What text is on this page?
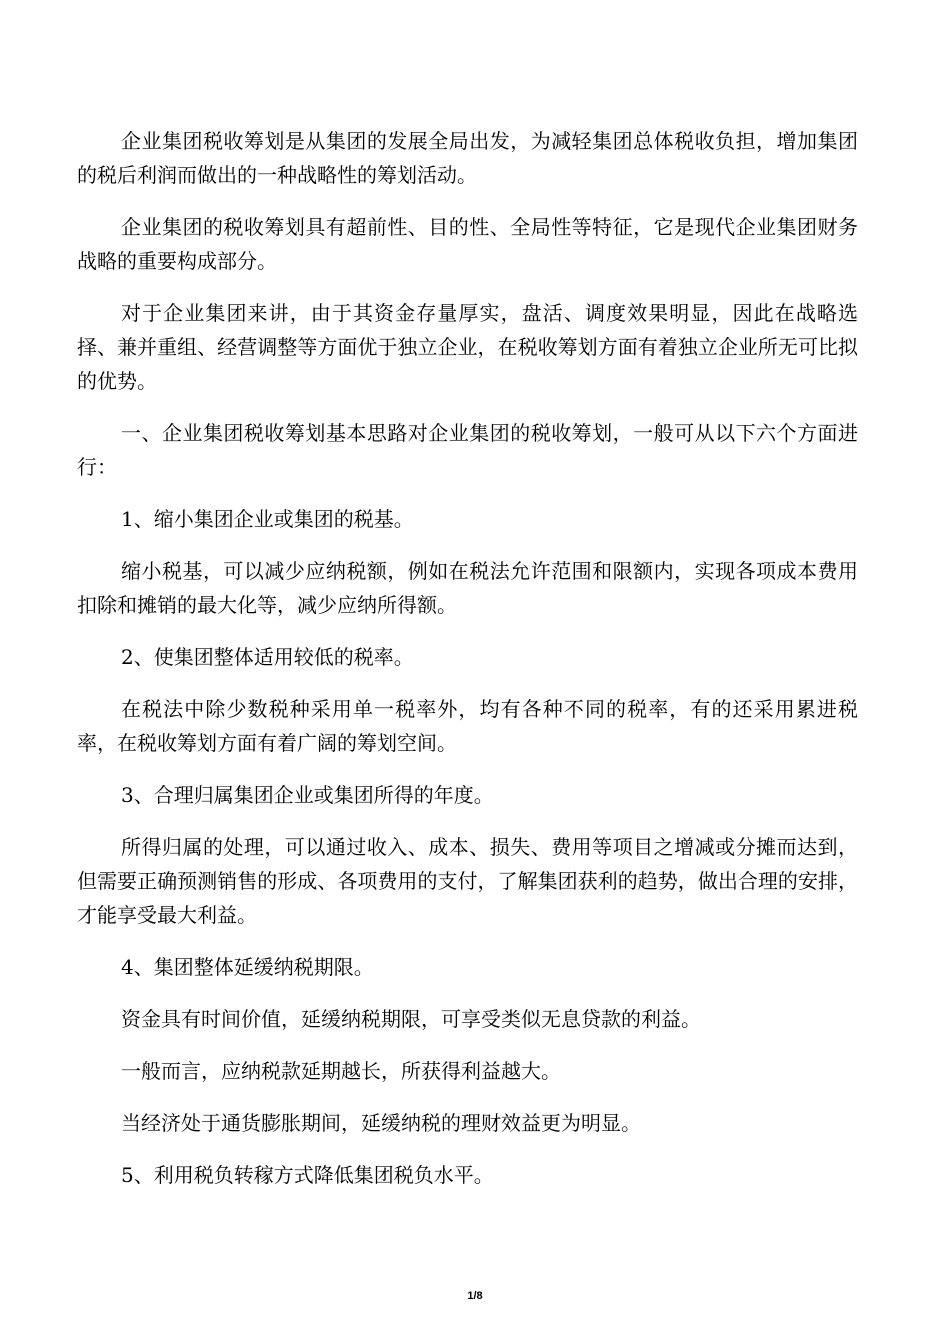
企业集团税收筹划是从集团的发展全局出发，为减轻集团总体税收负担，增加集团的税后利润而做出的一种战略性的筹划活动。

企业集团的税收筹划具有超前性、目的性、全局性等特征，它是现代企业集团财务战略的重要构成部分。

对于企业集团来讲，由于其资金存量厚实，盘活、调度效果明显，因此在战略选择、兼并重组、经营调整等方面优于独立企业，在税收筹划方面有着独立企业所无可比拟的优势。

一、企业集团税收筹划基本思路对企业集团的税收筹划，一般可从以下六个方面进行：

1、缩小集团企业或集团的税基。

缩小税基，可以减少应纳税额，例如在税法允许范围和限额内，实现各项成本费用扣除和摊销的最大化等，减少应纳所得额。

2、使集团整体适用较低的税率。

在税法中除少数税种采用单一税率外，均有各种不同的税率，有的还采用累进税率，在税收筹划方面有着广阔的筹划空间。

3、合理归属集团企业或集团所得的年度。

所得归属的处理，可以通过收入、成本、损失、费用等项目之增减或分摊而达到，但需要正确预测销售的形成、各项费用的支付，了解集团获利的趋势，做出合理的安排，才能享受最大利益。

4、集团整体延缓纳税期限。

资金具有时间价值，延缓纳税期限，可享受类似无息贷款的利益。

一般而言，应纳税款延期越长，所获得利益越大。

当经济处于通货膨胀期间，延缓纳税的理财效益更为明显。

5、利用税负转稼方式降低集团税负水平。

1/8
